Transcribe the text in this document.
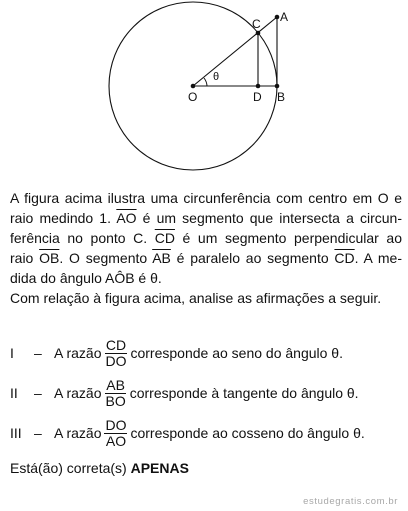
O	D B
C A
θ
A figura acima ilustra uma circunferência com centro em O e
raio medindo 1. $\overline{AO}$ é um segmento que intersecta a circun-
ferência no ponto C. $\overline{CD}$ é um segmento perpendicular ao
raio $\overline{OB}$. O segmento $\overline{AB}$ é paralelo ao segmento $\overline{CD}$. A me-
dida do ângulo AÔB é θ.
Com relação à figura acima, analise as afirmações a seguir.
I	– A razão $\frac{CD}{DO}$ corresponde ao seno do ângulo θ.
II	– A razão $\frac{AB}{BO}$ corresponde à tangente do ângulo θ.
III – A razão $\frac{DO}{AO}$ corresponde ao cosseno do ângulo θ.
Está(ão) correta(s) APENAS
estudegratis.com.br
